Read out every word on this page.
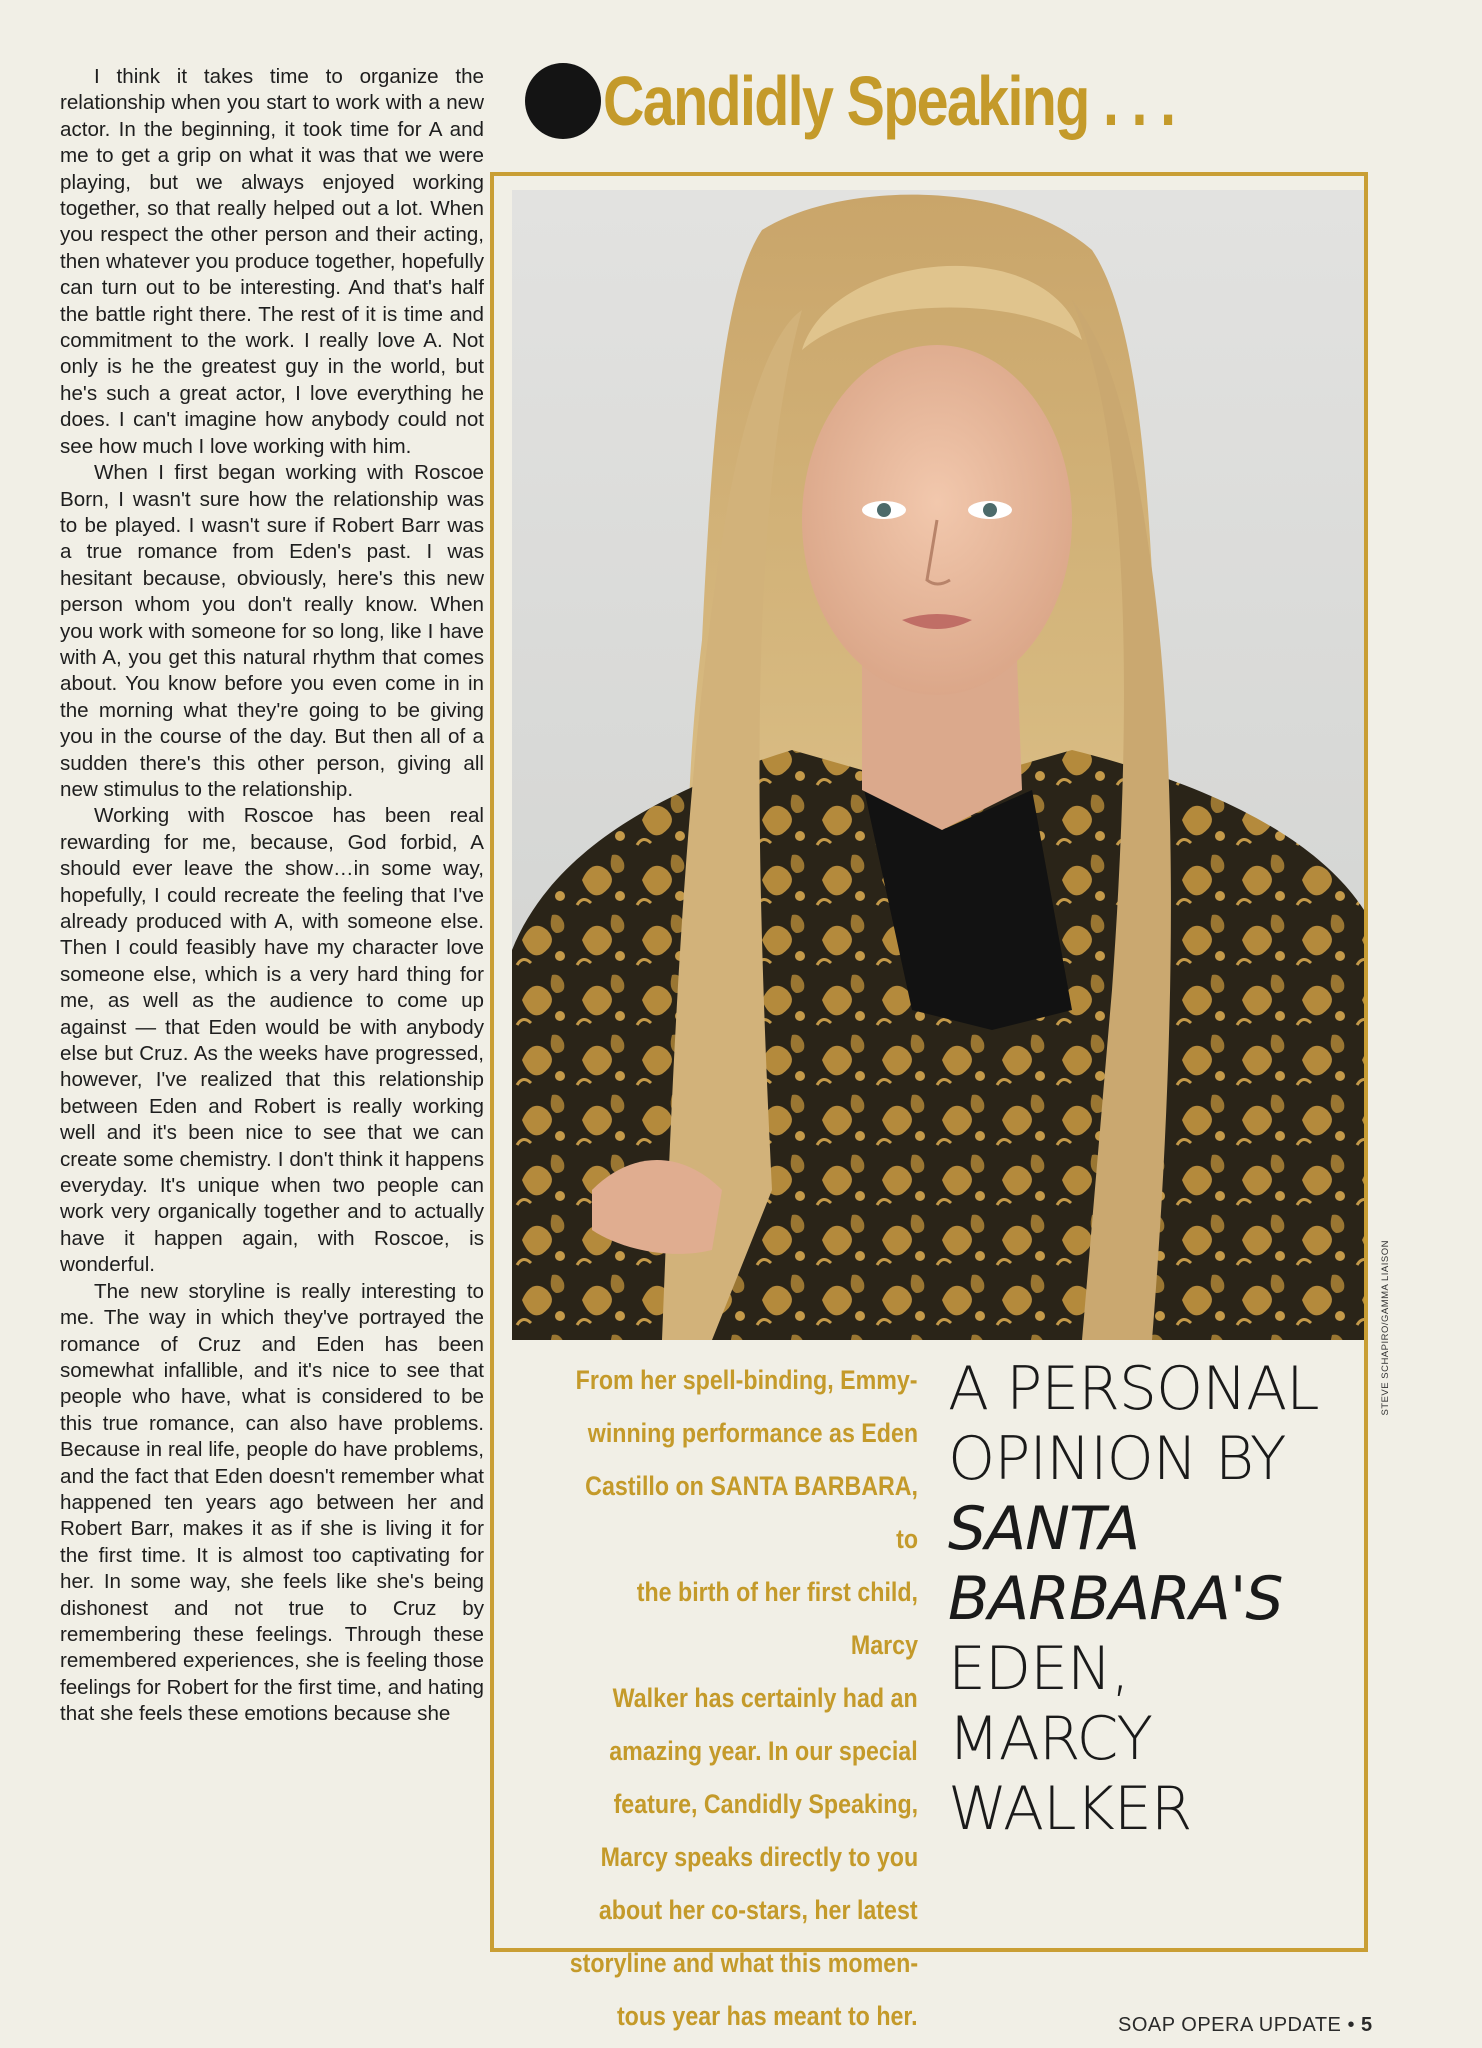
I think it takes time to organize the relationship when you start to work with a new actor. In the beginning, it took time for A and me to get a grip on what it was that we were playing, but we always enjoyed working together, so that really helped out a lot. When you respect the other person and their acting, then whatever you produce together, hopefully can turn out to be interesting. And that's half the battle right there. The rest of it is time and commitment to the work. I really love A. Not only is he the greatest guy in the world, but he's such a great actor, I love everything he does. I can't imagine how anybody could not see how much I love working with him.

When I first began working with Roscoe Born, I wasn't sure how the relationship was to be played. I wasn't sure if Robert Barr was a true romance from Eden's past. I was hesitant because, obviously, here's this new person whom you don't really know. When you work with someone for so long, like I have with A, you get this natural rhythm that comes about. You know before you even come in in the morning what they're going to be giving you in the course of the day. But then all of a sudden there's this other person, giving all new stimulus to the relationship.

Working with Roscoe has been real rewarding for me, because, God forbid, A should ever leave the show…in some way, hopefully, I could recreate the feeling that I've already produced with A, with someone else. Then I could feasibly have my character love someone else, which is a very hard thing for me, as well as the audience to come up against — that Eden would be with anybody else but Cruz. As the weeks have progressed, however, I've realized that this relationship between Eden and Robert is really working well and it's been nice to see that we can create some chemistry. I don't think it happens everyday. It's unique when two people can work very organically together and to actually have it happen again, with Roscoe, is wonderful.

The new storyline is really interesting to me. The way in which they've portrayed the romance of Cruz and Eden has been somewhat infallible, and it's nice to see that people who have, what is considered to be this true romance, can also have problems. Because in real life, people do have problems, and the fact that Eden doesn't remember what happened ten years ago between her and Robert Barr, makes it as if she is living it for the first time. It is almost too captivating for her. In some way, she feels like she's being dishonest and not true to Cruz by remembering these feelings. Through these remembered experiences, she is feeling those feelings for Robert for the first time, and hating that she feels these emotions because she

Candidly Speaking . . .
STEVE SCHAPIRO/GAMMA LIAISON
From her spell-binding, Emmy-
winning performance as Eden
Castillo on SANTA BARBARA, to
the birth of her first child, Marcy
Walker has certainly had an
amazing year. In our special
feature, Candidly Speaking,
Marcy speaks directly to you
about her co-stars, her latest
storyline and what this momen-
tous year has meant to her.
A PERSONAL
OPINION BY
SANTA
BARBARA'S
EDEN,
MARCY
WALKER
SOAP OPERA UPDATE • 5
